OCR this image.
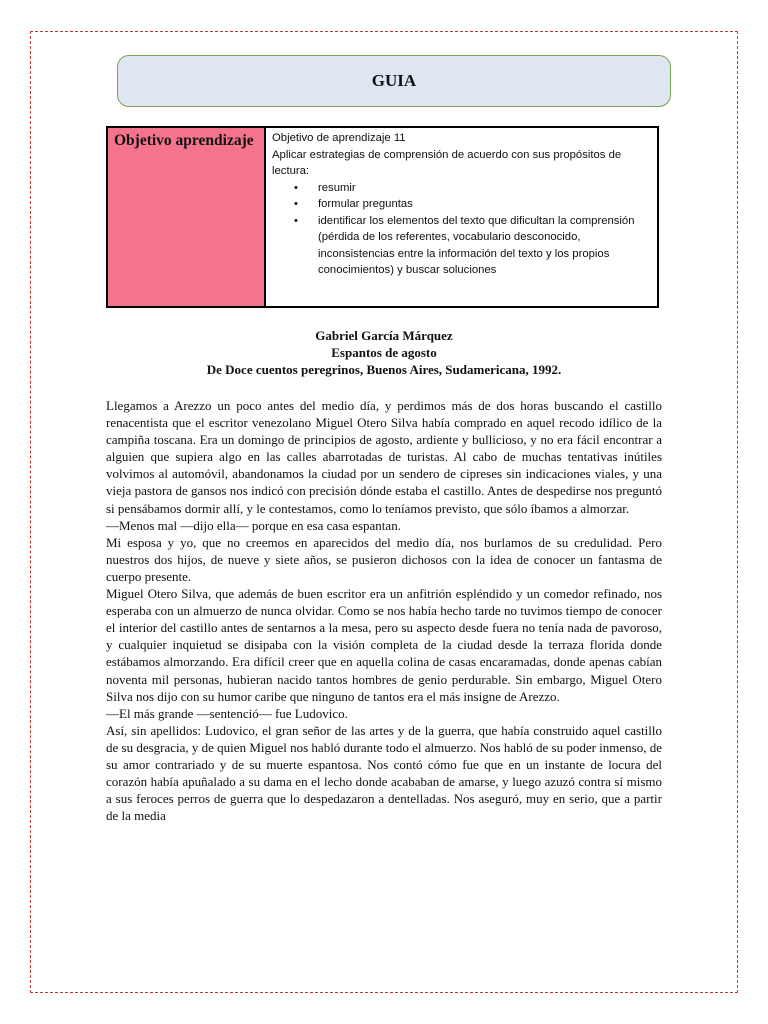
GUIA
Objetivo aprendizaje	Objetivo de aprendizaje 11
Aplicar estrategias de comprensión de acuerdo con sus propósitos de lectura:
• resumir
• formular preguntas
• identificar los elementos del texto que dificultan la comprensión (pérdida de los referentes, vocabulario desconocido, inconsistencias entre la información del texto y los propios conocimientos) y buscar soluciones
Gabriel García Márquez
Espantos de agosto
De Doce cuentos peregrinos, Buenos Aires, Sudamericana, 1992.

Llegamos a Arezzo un poco antes del medio día, y perdimos más de dos horas buscando el castillo renacentista que el escritor venezolano Miguel Otero Silva había comprado en aquel recodo idílico de la campiña toscana. Era un domingo de principios de agosto, ardiente y bullicioso, y no era fácil encontrar a alguien que supiera algo en las calles abarrotadas de turistas. Al cabo de muchas tentativas inútiles volvimos al automóvil, abandonamos la ciudad por un sendero de cipreses sin indicaciones viales, y una vieja pastora de gansos nos indicó con precisión dónde estaba el castillo. Antes de despedirse nos preguntó si pensábamos dormir allí, y le contestamos, como lo teníamos previsto, que sólo íbamos a almorzar.

—Menos mal —dijo ella— porque en esa casa espantan.

Mi esposa y yo, que no creemos en aparecidos del medio día, nos burlamos de su credulidad. Pero nuestros dos hijos, de nueve y siete años, se pusieron dichosos con la idea de conocer un fantasma de cuerpo presente.

Miguel Otero Silva, que además de buen escritor era un anfitrión espléndido y un comedor refinado, nos esperaba con un almuerzo de nunca olvidar. Como se nos había hecho tarde no tuvimos tiempo de conocer el interior del castillo antes de sentarnos a la mesa, pero su aspecto desde fuera no tenía nada de pavoroso, y cualquier inquietud se disipaba con la visión completa de la ciudad desde la terraza florida donde estábamos almorzando. Era difícil creer que en aquella colina de casas encaramadas, donde apenas cabían noventa mil personas, hubieran nacido tantos hombres de genio perdurable. Sin embargo, Miguel Otero Silva nos dijo con su humor caribe que ninguno de tantos era el más insigne de Arezzo.

—El más grande —sentenció— fue Ludovico.

Así, sin apellidos: Ludovico, el gran señor de las artes y de la guerra, que había construido aquel castillo de su desgracia, y de quien Miguel nos habló durante todo el almuerzo. Nos habló de su poder inmenso, de su amor contrariado y de su muerte espantosa. Nos contó cómo fue que en un instante de locura del corazón había apuñalado a su dama en el lecho donde acababan de amarse, y luego azuzó contra sí mismo a sus feroces perros de guerra que lo despedazaron a dentelladas. Nos aseguró, muy en serio, que a partir de la media
